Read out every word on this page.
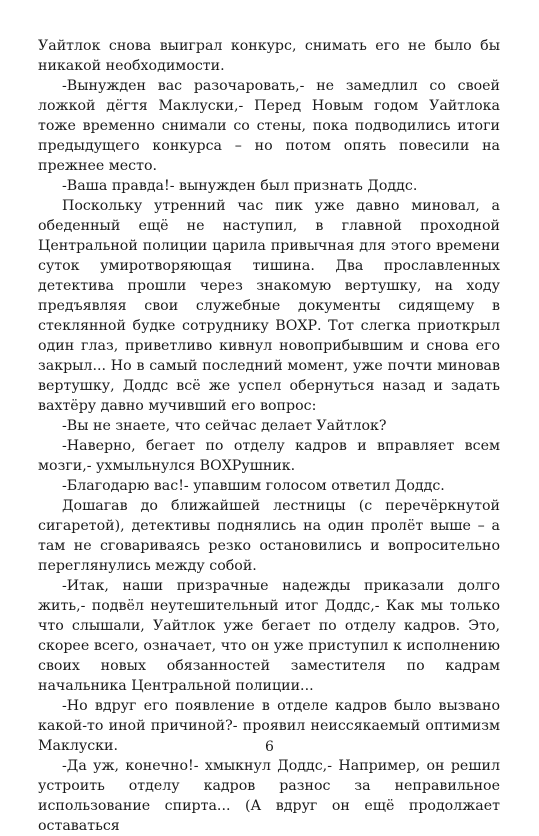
Уайтлок снова выиграл конкурс, снимать его не было бы никакой необходимости.

-Вынужден вас разочаровать,- не замедлил со своей ложкой дёгтя Маклуски,- Перед Новым годом Уайтлока тоже временно снимали со стены, пока подводились итоги предыдущего конкурса – но потом опять повесили на прежнее место.

-Ваша правда!- вынужден был признать Доддс.

Поскольку утренний час пик уже давно миновал, а обеденный ещё не наступил, в главной проходной Центральной полиции царила привычная для этого времени суток умиротворяющая тишина. Два прославленных детектива прошли через знакомую вертушку, на ходу предъявляя свои служебные документы сидящему в стеклянной будке сотруднику ВОХР. Тот слегка приоткрыл один глаз, приветливо кивнул новоприбывшим и снова его закрыл... Но в самый последний момент, уже почти миновав вертушку, Доддс всё же успел обернуться назад и задать вахтёру давно мучивший его вопрос:

-Вы не знаете, что сейчас делает Уайтлок?

-Наверно, бегает по отделу кадров и вправляет всем мозги,- ухмыльнулся ВОХРушник.

-Благодарю вас!- упавшим голосом ответил Доддс.

Дошагав до ближайшей лестницы (с перечёркнутой сигаретой), детективы поднялись на один пролёт выше – а там не сговариваясь резко остановились и вопросительно переглянулись между собой.

-Итак, наши призрачные надежды приказали долго жить,- подвёл неутешительный итог Доддс,- Как мы только что слышали, Уайтлок уже бегает по отделу кадров. Это, скорее всего, означает, что он уже приступил к исполнению своих новых обязанностей заместителя по кадрам начальника Центральной полиции...

-Но вдруг его появление в отделе кадров было вызвано какой-то иной причиной?- проявил неиссякаемый оптимизм Маклуски.

-Да уж, конечно!- хмыкнул Доддс,- Например, он решил устроить отделу кадров разнос за неправильное использование спирта... (А вдруг он ещё продолжает оставаться

6
